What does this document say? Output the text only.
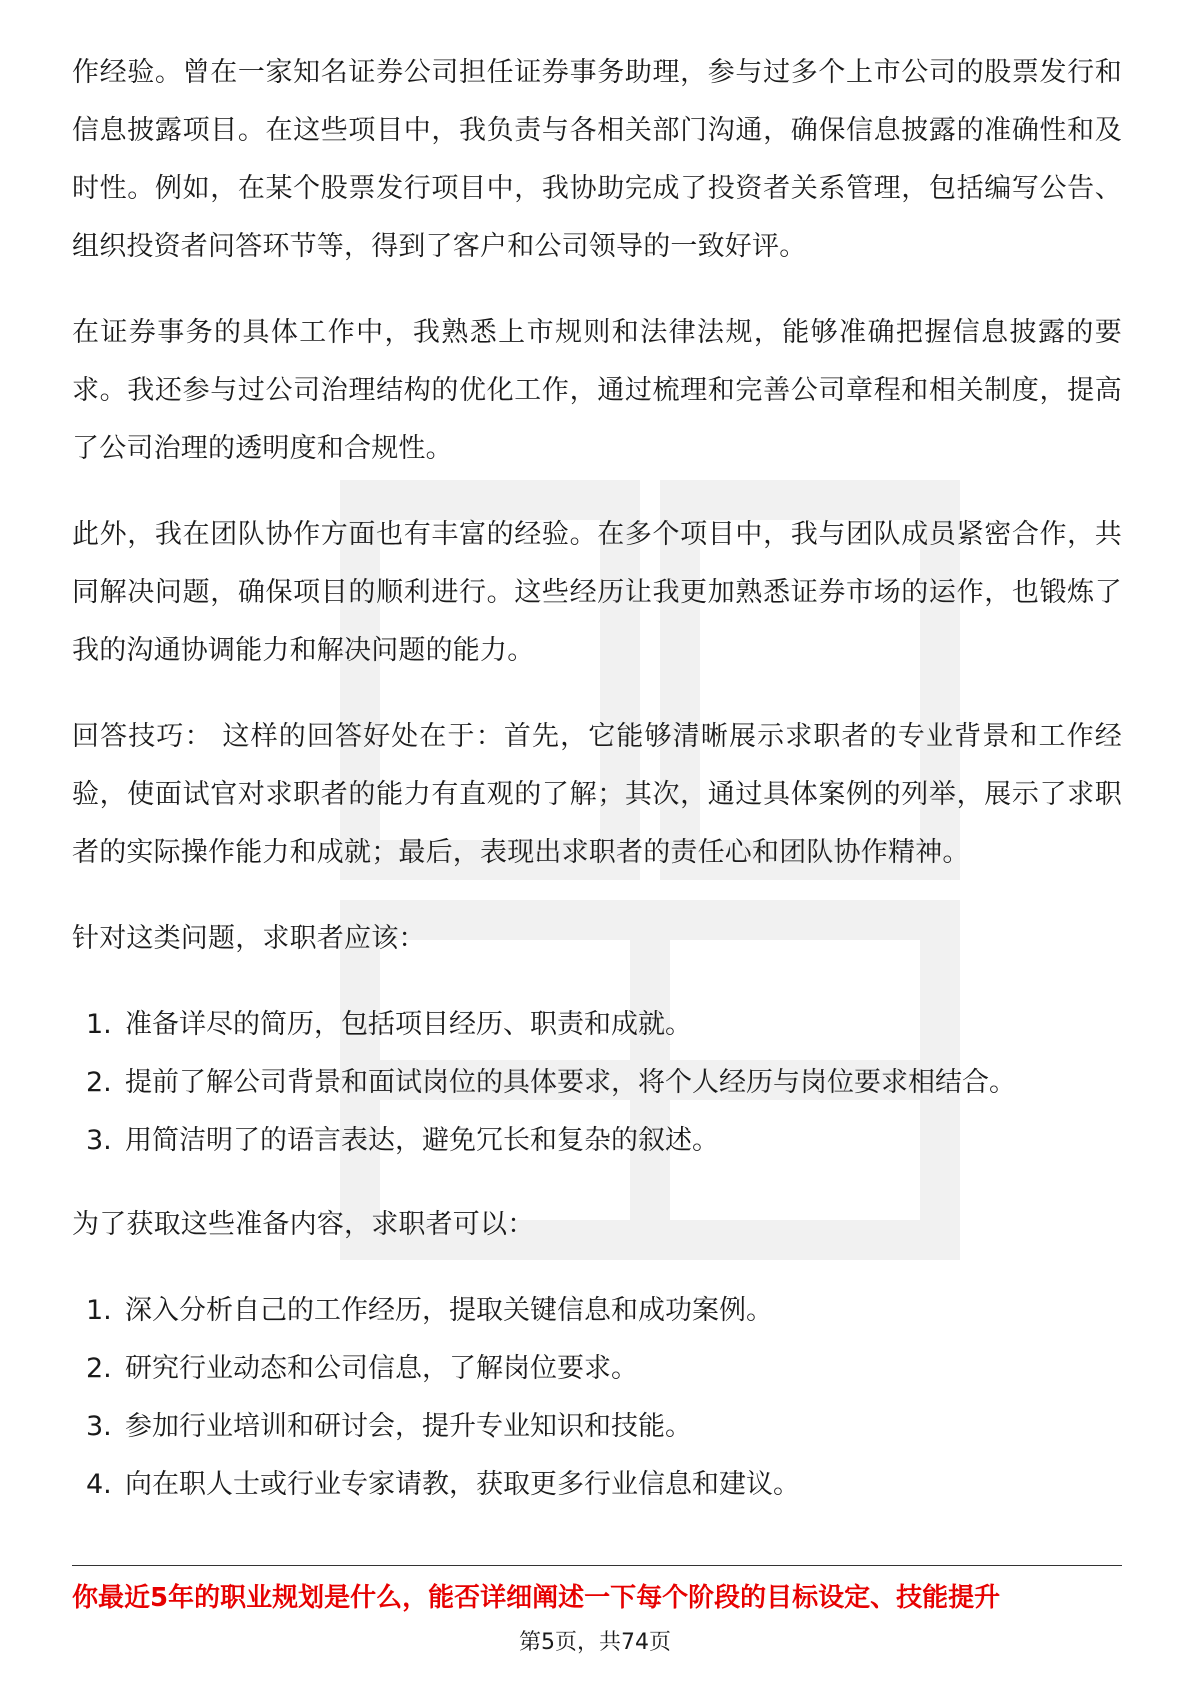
作经验。曾在一家知名证券公司担任证券事务助理，参与过多个上市公司的股票发行和信息披露项目。在这些项目中，我负责与各相关部门沟通，确保信息披露的准确性和及时性。例如，在某个股票发行项目中，我协助完成了投资者关系管理，包括编写公告、组织投资者问答环节等，得到了客户和公司领导的一致好评。

在证券事务的具体工作中，我熟悉上市规则和法律法规，能够准确把握信息披露的要求。我还参与过公司治理结构的优化工作，通过梳理和完善公司章程和相关制度，提高了公司治理的透明度和合规性。

此外，我在团队协作方面也有丰富的经验。在多个项目中，我与团队成员紧密合作，共同解决问题，确保项目的顺利进行。这些经历让我更加熟悉证券市场的运作，也锻炼了我的沟通协调能力和解决问题的能力。

回答技巧： 这样的回答好处在于：首先，它能够清晰展示求职者的专业背景和工作经验，使面试官对求职者的能力有直观的了解；其次，通过具体案例的列举，展示了求职者的实际操作能力和成就；最后，表现出求职者的责任心和团队协作精神。

针对这类问题，求职者应该：

1. 准备详尽的简历，包括项目经历、职责和成就。
2. 提前了解公司背景和面试岗位的具体要求，将个人经历与岗位要求相结合。
3. 用简洁明了的语言表达，避免冗长和复杂的叙述。

为了获取这些准备内容，求职者可以：

1. 深入分析自己的工作经历，提取关键信息和成功案例。
2. 研究行业动态和公司信息，了解岗位要求。
3. 参加行业培训和研讨会，提升专业知识和技能。
4. 向在职人士或行业专家请教，获取更多行业信息和建议。
你最近5年的职业规划是什么，能否详细阐述一下每个阶段的目标设定、技能提升
第5页，共74页
